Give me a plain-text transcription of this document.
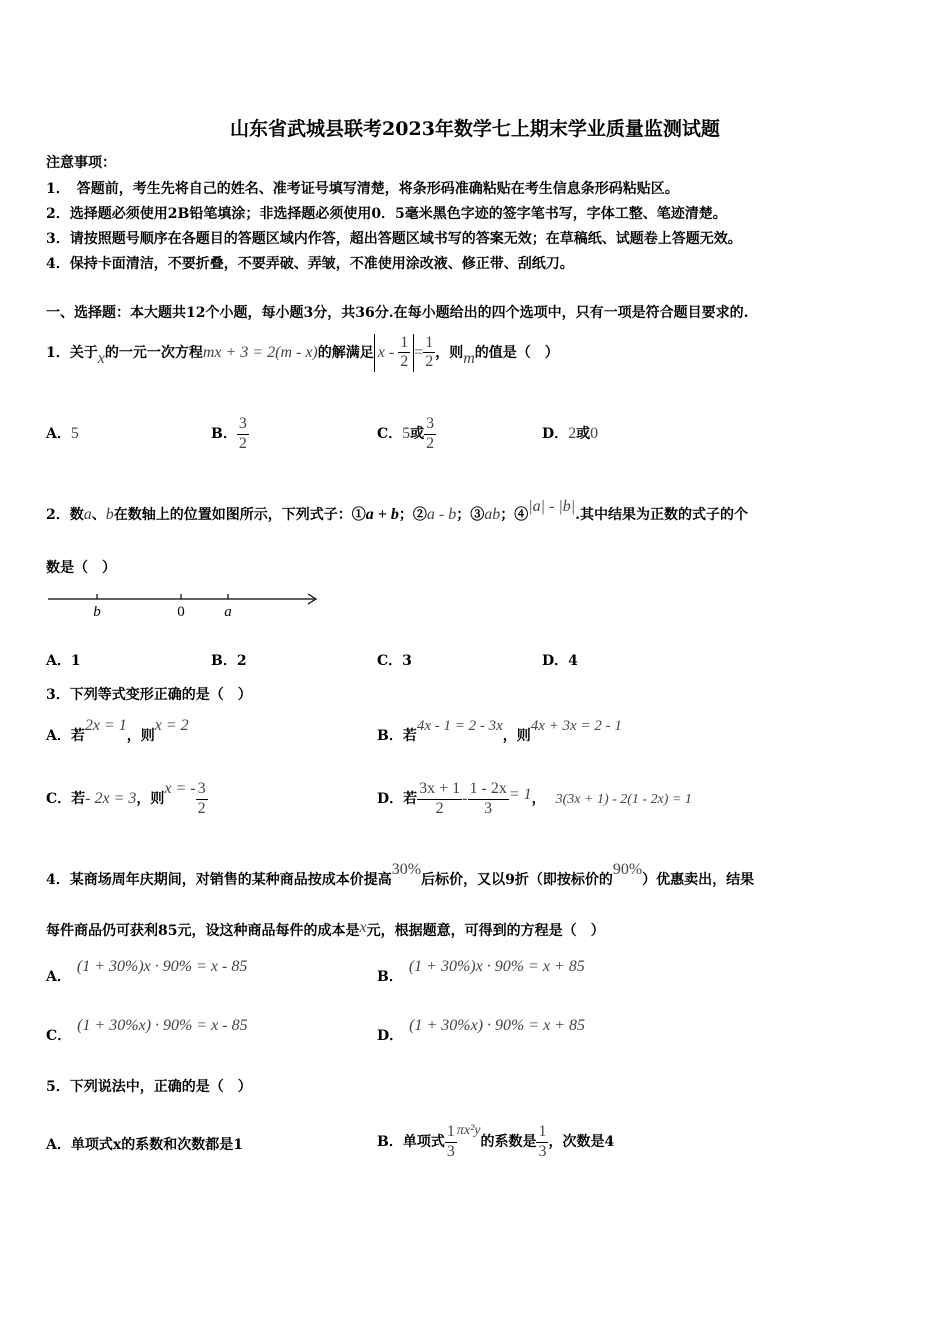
山东省武城县联考2023年数学七上期末学业质量监测试题
注意事项：
1．　答题前，考生先将自己的姓名、准考证号填写清楚，将条形码准确粘贴在考生信息条形码粘贴区。
2．选择题必须使用2B铅笔填涂；非选择题必须使用0．5毫米黑色字迹的签字笔书写，字体工整、笔迹清楚。
3．请按照题号顺序在各题目的答题区域内作答，超出答题区域书写的答案无效；在草稿纸、试题卷上答题无效。
4．保持卡面清洁，不要折叠，不要弄破、弄皱，不准使用涂改液、修正带、刮纸刀。
一、选择题：本大题共12个小题，每小题3分，共36分.在每小题给出的四个选项中，只有一项是符合题目要求的.
1．关于x的一元一次方程mx + 3 = 2(m - x)的解满足 $x - \frac{1}{2} = \frac{1}{2}$ ，则m的值是（　）
A．5	B． $\frac{3}{2}$	C．5或 $\frac{3}{2}$	D．2或0
2．数a、b在数轴上的位置如图所示，下列式子：①a + b；②a - b；③ab；④|a| - |b|.其中结果为正数的式子的个
数是（　）
b	0	a
A．1	B．2	C．3	D．4
3．下列等式变形正确的是（　）
A．若2x = 1，则x = 2
B．若4x - 1 = 2 - 3x，则4x + 3x = 2 - 1
C．若- 2x = 3，则x = - $\frac{3}{2}$	D．若 $\frac{3x + 1}{2} - \frac{1 - 2x}{3} = 1$， 3(3x + 1) - 2(1 - 2x) = 1
4．某商场周年庆期间，对销售的某种商品按成本价提高30%后标价，又以9折（即按标价的90%）优惠卖出，结果
每件商品仍可获利85元，设这种商品每件的成本是x元，根据题意，可得到的方程是（　）
A．(1 + 30%)x · 90% = x - 85
B．(1 + 30%)x · 90% = x + 85
C．(1 + 30%x) · 90% = x - 85
D．(1 + 30%x) · 90% = x + 85
5．下列说法中，正确的是（　）
A．单项式x的系数和次数都是1	B．单项式 $\frac{1}{3} \pi x^2y$的系数是 $\frac{1}{3}$ ，次数是4
